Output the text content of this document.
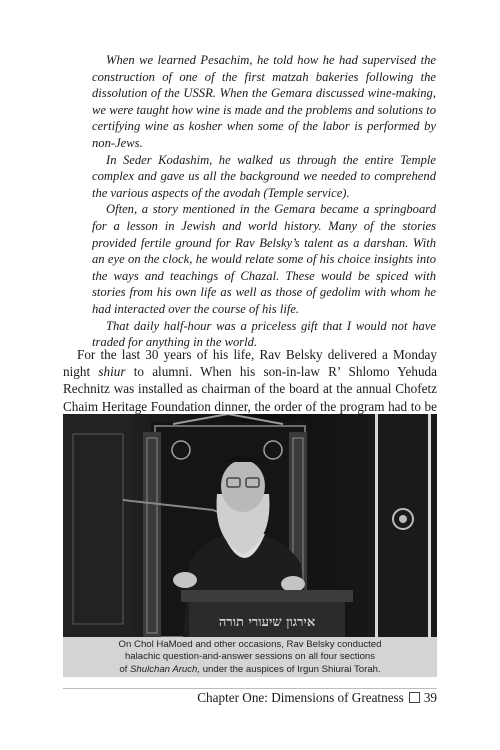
When we learned Pesachim, he told how he had supervised the construction of one of the first matzah bakeries following the dissolution of the USSR. When the Gemara discussed wine-making, we were taught how wine is made and the problems and solutions to certifying wine as kosher when some of the labor is performed by non-Jews.

In Seder Kodashim, he walked us through the entire Temple complex and gave us all the background we needed to comprehend the various aspects of the avodah (Temple service).

Often, a story mentioned in the Gemara became a springboard for a lesson in Jewish and world history. Many of the stories provided fertile ground for Rav Belsky’s talent as a darshan. With an eye on the clock, he would relate some of his choice insights into the ways and teachings of Chazal. These would be spiced with stories from his own life as well as those of gedolim with whom he had interacted over the course of his life.

That daily half-hour was a priceless gift that I would not have traded for anything in the world.

For the last 30 years of his life, Rav Belsky delivered a Monday night shiur to alumni. When his son-in-law R’ Shlomo Yehuda Rechnitz was installed as chairman of the board at the annual Chofetz Chaim Heritage Foundation dinner, the order of the program had to be

אירגון שיעורי תורה
On Chol HaMoed and other occasions, Rav Belsky conducted
halachic question-and-answer sessions on all four sections
of Shulchan Aruch, under the auspices of Irgun Shiurai Torah.
Chapter One: Dimensions of Greatness 39
